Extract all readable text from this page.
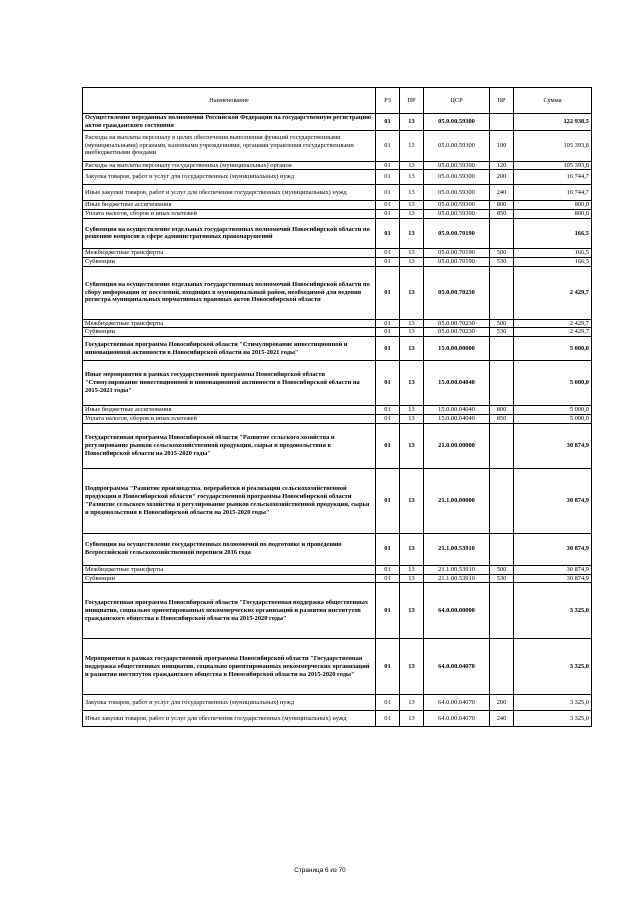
Наименование	РЗ	ПР	ЦСР	ВР	Сумма
Осуществление переданных полномочий Российской Федерации на государственную регистрацию актов гражданского состояния	01	13	05.0.00.59300		122 938,5
Расходы на выплаты персоналу в целях обеспечения выполнения функций государственными (муниципальными) органами, казенными учреждениями, органами управления государственными внебюджетными фондами	01	13	05.0.00.59300	100	105 393,8
Расходы на выплаты персоналу государственных (муниципальных) органов	01	13	05.0.00.59300	120	105 393,8
Закупка товаров, работ и услуг для государственных (муниципальных) нужд	01	13	05.0.00.59300	200	16 744,7
Иные закупки товаров, работ и услуг для обеспечения государственных (муниципальных) нужд	01	13	05.0.00.59300	240	16 744,7
Иные бюджетные ассигнования	01	13	05.0.00.59300	800	800,0
Уплата налогов, сборов и иных платежей	01	13	05.0.00.59300	850	800,0
Субвенция на осуществление отдельных государственных полномочий Новосибирской области по решению вопросов в сфере административных правонарушений	01	13	05.0.00.70190		166,5
Межбюджетные трансферты	01	13	05.0.00.70190	500	166,5
Субвенции	01	13	05.0.00.70190	530	166,5
Субвенция на осуществление отдельных государственных полномочий Новосибирской области по сбору информации от поселений, входящих в муниципальный район, необходимой для ведения регистра муниципальных нормативных правовых актов Новосибирской области	01	13	05.0.00.70230		2 429,7
Межбюджетные трансферты	01	13	05.0.00.70230	500	2 429,7
Субвенции	01	13	05.0.00.70230	530	2 429,7
Государственная программа Новосибирской области "Стимулирование инвестиционной и инновационной активности в Новосибирской области на 2015-2021 годы"	01	13	15.0.00.00000		5 000,0
Иные мероприятия в рамках государственной программы Новосибирской области "Стимулирование инвестиционной и инновационной активности в Новосибирской области на 2015-2021 годы"	01	13	15.0.00.04040		5 000,0
Иные бюджетные ассигнования	01	13	15.0.00.04040	800	5 000,0
Уплата налогов, сборов и иных платежей	01	13	15.0.00.04040	850	5 000,0
Государственная программа Новосибирской области "Развитие сельского хозяйства и регулирование рынков сельскохозяйственной продукции, сырья и продовольствия в Новосибирской области на 2015-2020 годы"	01	13	21.0.00.00000		30 874,9
Подпрограмма "Развитие производства, переработки и реализации сельскохозяйственной продукции в Новосибирской области" государственной программы Новосибирской области "Развитие сельского хозяйства и регулирование рынков сельскохозяйственной продукции, сырья и продовольствия в Новосибирской области на 2015-2020 годы"	01	13	21.1.00.00000		30 874,9
Субвенции на осуществление государственных полномочий по подготовке и проведению Всероссийской сельскохозяйственной переписи 2016 года	01	13	21.1.00.53910		30 874,9
Межбюджетные трансферты	01	13	21.1.00.53910	500	30 874,9
Субвенции	01	13	21.1.00.53910	530	30 874,9
Государственная программа Новосибирской области "Государственная поддержка общественных инициатив, социально ориентированных некоммерческих организаций и развития институтов гражданского общества в Новосибирской области на 2015-2020 годы"	01	13	64.0.00.00000		3 325,0
Мероприятия в рамках государственной программы Новосибирской области "Государственная поддержка общественных инициатив, социально ориентированных некоммерческих организаций и развития институтов гражданского общества в Новосибирской области на 2015-2020 годы"	01	13	64.0.00.04070		3 325,0
Закупка товаров, работ и услуг для государственных (муниципальных) нужд	01	13	64.0.00.04070	200	3 325,0
Иные закупки товаров, работ и услуг для обеспечения государственных (муниципальных) нужд	01	13	64.0.00.04070	240	3 325,0
Страница 6 из 70
